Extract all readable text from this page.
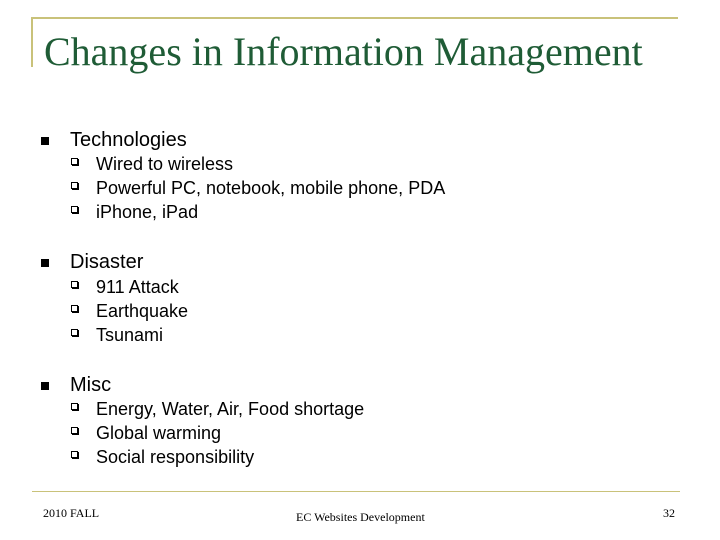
Changes in Information Management
Technologies
Wired to wireless
Powerful PC, notebook, mobile phone, PDA
iPhone, iPad
Disaster
911 Attack
Earthquake
Tsunami
Misc
Energy, Water, Air, Food shortage
Global warming
Social responsibility
2010 FALL	EC Websites Development	32
